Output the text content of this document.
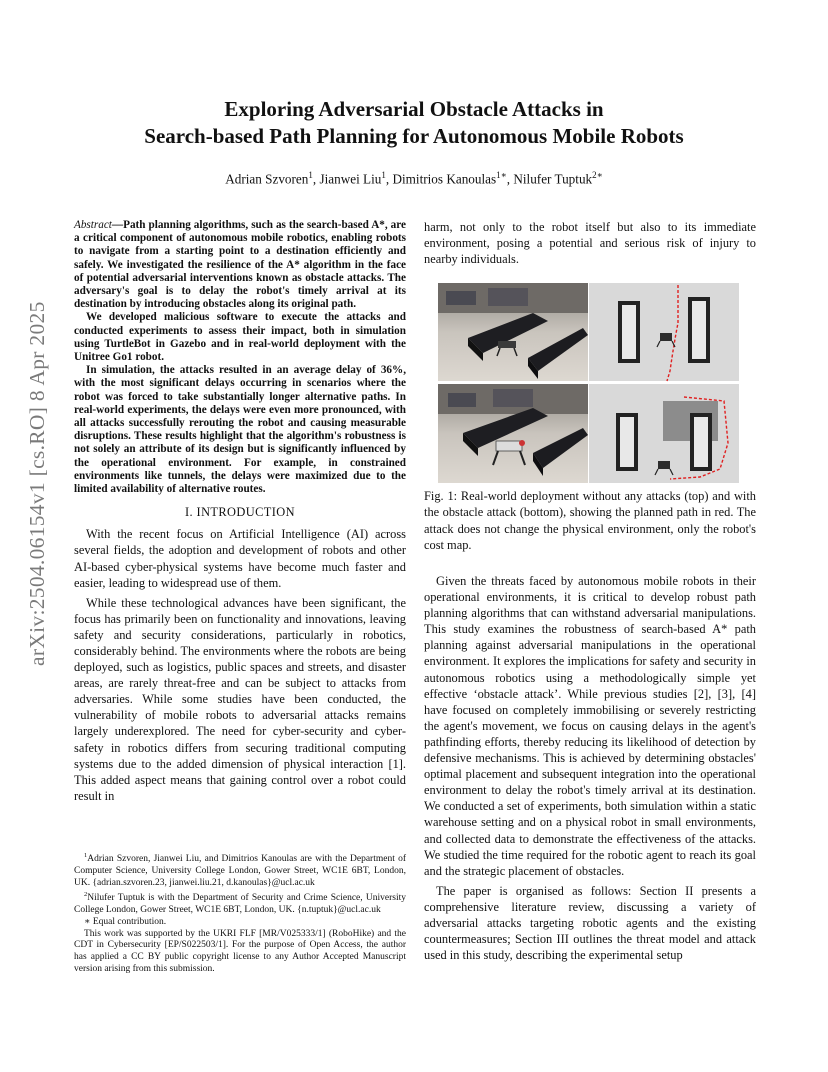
arXiv:2504.06154v1 [cs.RO] 8 Apr 2025
Exploring Adversarial Obstacle Attacks in
Search-based Path Planning for Autonomous Mobile Robots
Adrian Szvoren$^1$, Jianwei Liu$^1$, Dimitrios Kanoulas$^{1∗}$, Nilufer Tuptuk$^{2∗}$

Abstract—Path planning algorithms, such as the search-based A*, are a critical component of autonomous mobile robotics, enabling robots to navigate from a starting point to a destination efficiently and safely. We investigated the resilience of the A* algorithm in the face of potential adversarial interventions known as obstacle attacks. The adversary's goal is to delay the robot's timely arrival at its destination by introducing obstacles along its original path.

We developed malicious software to execute the attacks and conducted experiments to assess their impact, both in simulation using TurtleBot in Gazebo and in real-world deployment with the Unitree Go1 robot.

In simulation, the attacks resulted in an average delay of 36%, with the most significant delays occurring in scenarios where the robot was forced to take substantially longer alternative paths. In real-world experiments, the delays were even more pronounced, with all attacks successfully rerouting the robot and causing measurable disruptions. These results highlight that the algorithm's robustness is not solely an attribute of its design but is significantly influenced by the operational environment. For example, in constrained environments like tunnels, the delays were maximized due to the limited availability of alternative routes.

I. INTRODUCTION

With the recent focus on Artificial Intelligence (AI) across several fields, the adoption and development of robots and other AI-based cyber-physical systems have become much faster and easier, leading to widespread use of them.

While these technological advances have been significant, the focus has primarily been on functionality and innovations, leaving safety and security considerations, particularly in robotics, considerably behind. The environments where the robots are being deployed, such as logistics, public spaces and streets, and disaster areas, are rarely threat-free and can be subject to attacks from adversaries. While some studies have been conducted, the vulnerability of mobile robots to adversarial attacks remains largely underexplored. The need for cyber-security and cyber-safety in robotics differs from securing traditional computing systems due to the added dimension of physical interaction [1]. This added aspect means that gaining control over a robot could result in

$^1$Adrian Szvoren, Jianwei Liu, and Dimitrios Kanoulas are with the Department of Computer Science, University College London, Gower Street, WC1E 6BT, London, UK. {adrian.szvoren.23, jianwei.liu.21, d.kanoulas}@ucl.ac.uk

$^2$Nilufer Tuptuk is with the Department of Security and Crime Science, University College London, Gower Street, WC1E 6BT, London, UK. {n.tuptuk}@ucl.ac.uk

∗ Equal contribution.

This work was supported by the UKRI FLF [MR/V025333/1] (RoboHike) and the CDT in Cybersecurity [EP/S022503/1]. For the purpose of Open Access, the author has applied a CC BY public copyright license to any Author Accepted Manuscript version arising from this submission.

harm, not only to the robot itself but also to its immediate environment, posing a potential and serious risk of injury to nearby individuals.
Fig. 1: Real-world deployment without any attacks (top) and with the obstacle attack (bottom), showing the planned path in red. The attack does not change the physical environment, only the robot's cost map.

Given the threats faced by autonomous mobile robots in their operational environments, it is critical to develop robust path planning algorithms that can withstand adversarial manipulations. This study examines the robustness of search-based A* path planning against adversarial manipulations in the operational environment. It explores the implications for safety and security in autonomous robotics using a methodologically simple yet effective ‘obstacle attack’. While previous studies [2], [3], [4] have focused on completely immobilising or severely restricting the agent's movement, we focus on causing delays in the agent's pathfinding efforts, thereby reducing its likelihood of detection by defensive mechanisms. This is achieved by determining obstacles' optimal placement and subsequent integration into the operational environment to delay the robot's timely arrival at its destination. We conducted a set of experiments, both simulation within a static warehouse setting and on a physical robot in small environments, and collected data to demonstrate the effectiveness of the attacks. We studied the time required for the robotic agent to reach its goal and the strategic placement of obstacles.

The paper is organised as follows: Section II presents a comprehensive literature review, discussing a variety of adversarial attacks targeting robotic agents and the existing countermeasures; Section III outlines the threat model and attack used in this study, describing the experimental setup
